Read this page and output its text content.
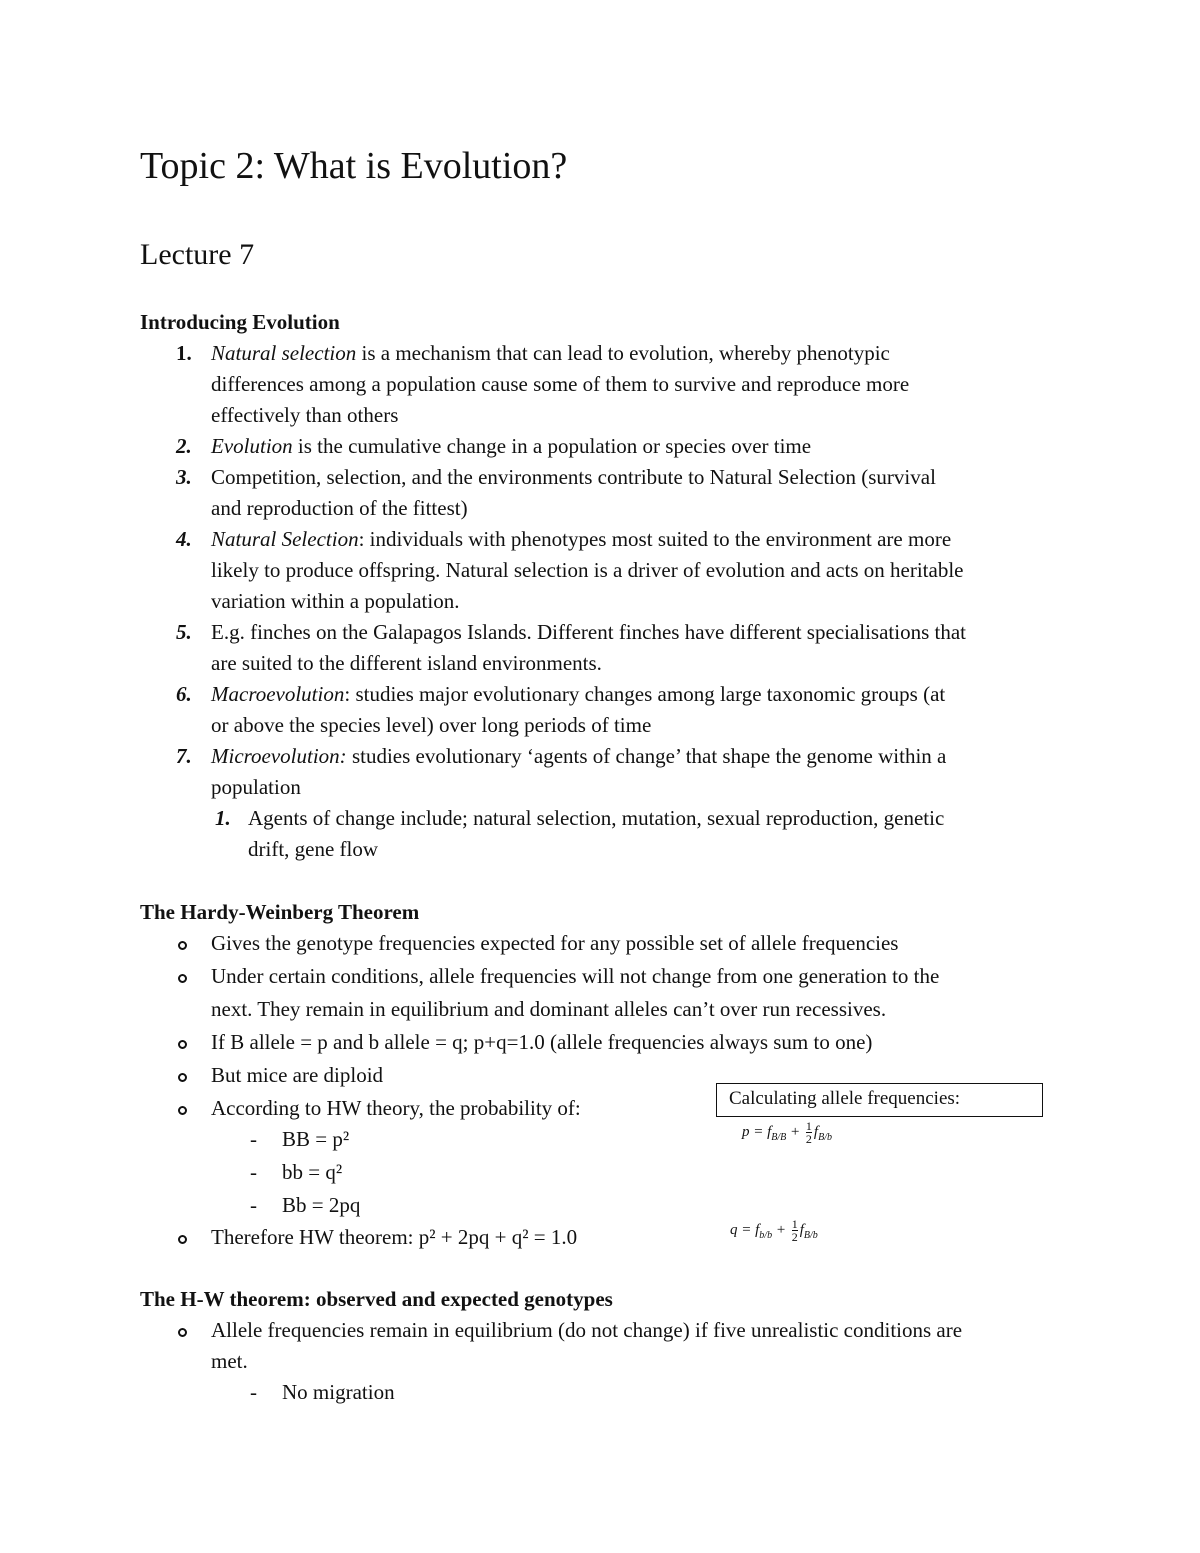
Topic 2: What is Evolution?
Lecture 7
Introducing Evolution
1. Natural selection is a mechanism that can lead to evolution, whereby phenotypic
differences among a population cause some of them to survive and reproduce more
effectively than others
2. Evolution is the cumulative change in a population or species over time
3. Competition, selection, and the environments contribute to Natural Selection (survival
and reproduction of the fittest)
4. Natural Selection: individuals with phenotypes most suited to the environment are more
likely to produce offspring. Natural selection is a driver of evolution and acts on heritable
variation within a population.
5. E.g. finches on the Galapagos Islands. Different finches have different specialisations that
are suited to the different island environments.
6. Macroevolution: studies major evolutionary changes among large taxonomic groups (at
or above the species level) over long periods of time
7. Microevolution: studies evolutionary ‘agents of change’ that shape the genome within a
population
1. Agents of change include; natural selection, mutation, sexual reproduction, genetic
drift, gene flow
The Hardy-Weinberg Theorem
Gives the genotype frequencies expected for any possible set of allele frequencies
Under certain conditions, allele frequencies will not change from one generation to the
next. They remain in equilibrium and dominant alleles can’t over run recessives.
If B allele = p and b allele = q; p+q=1.0 (allele frequencies always sum to one)
But mice are diploid
According to HW theory, the probability of:
- BB = p²
- bb = q²
- Bb = 2pq
Therefore HW theorem: p² + 2pq + q² = 1.0
Calculating allele frequencies:
$p = f_{B/B} + \frac{1}{2} f_{B/b}$
$q = f_{b/b} + \frac{1}{2} f_{B/b}$
The H-W theorem: observed and expected genotypes
Allele frequencies remain in equilibrium (do not change) if five unrealistic conditions are
met.
- No migration
